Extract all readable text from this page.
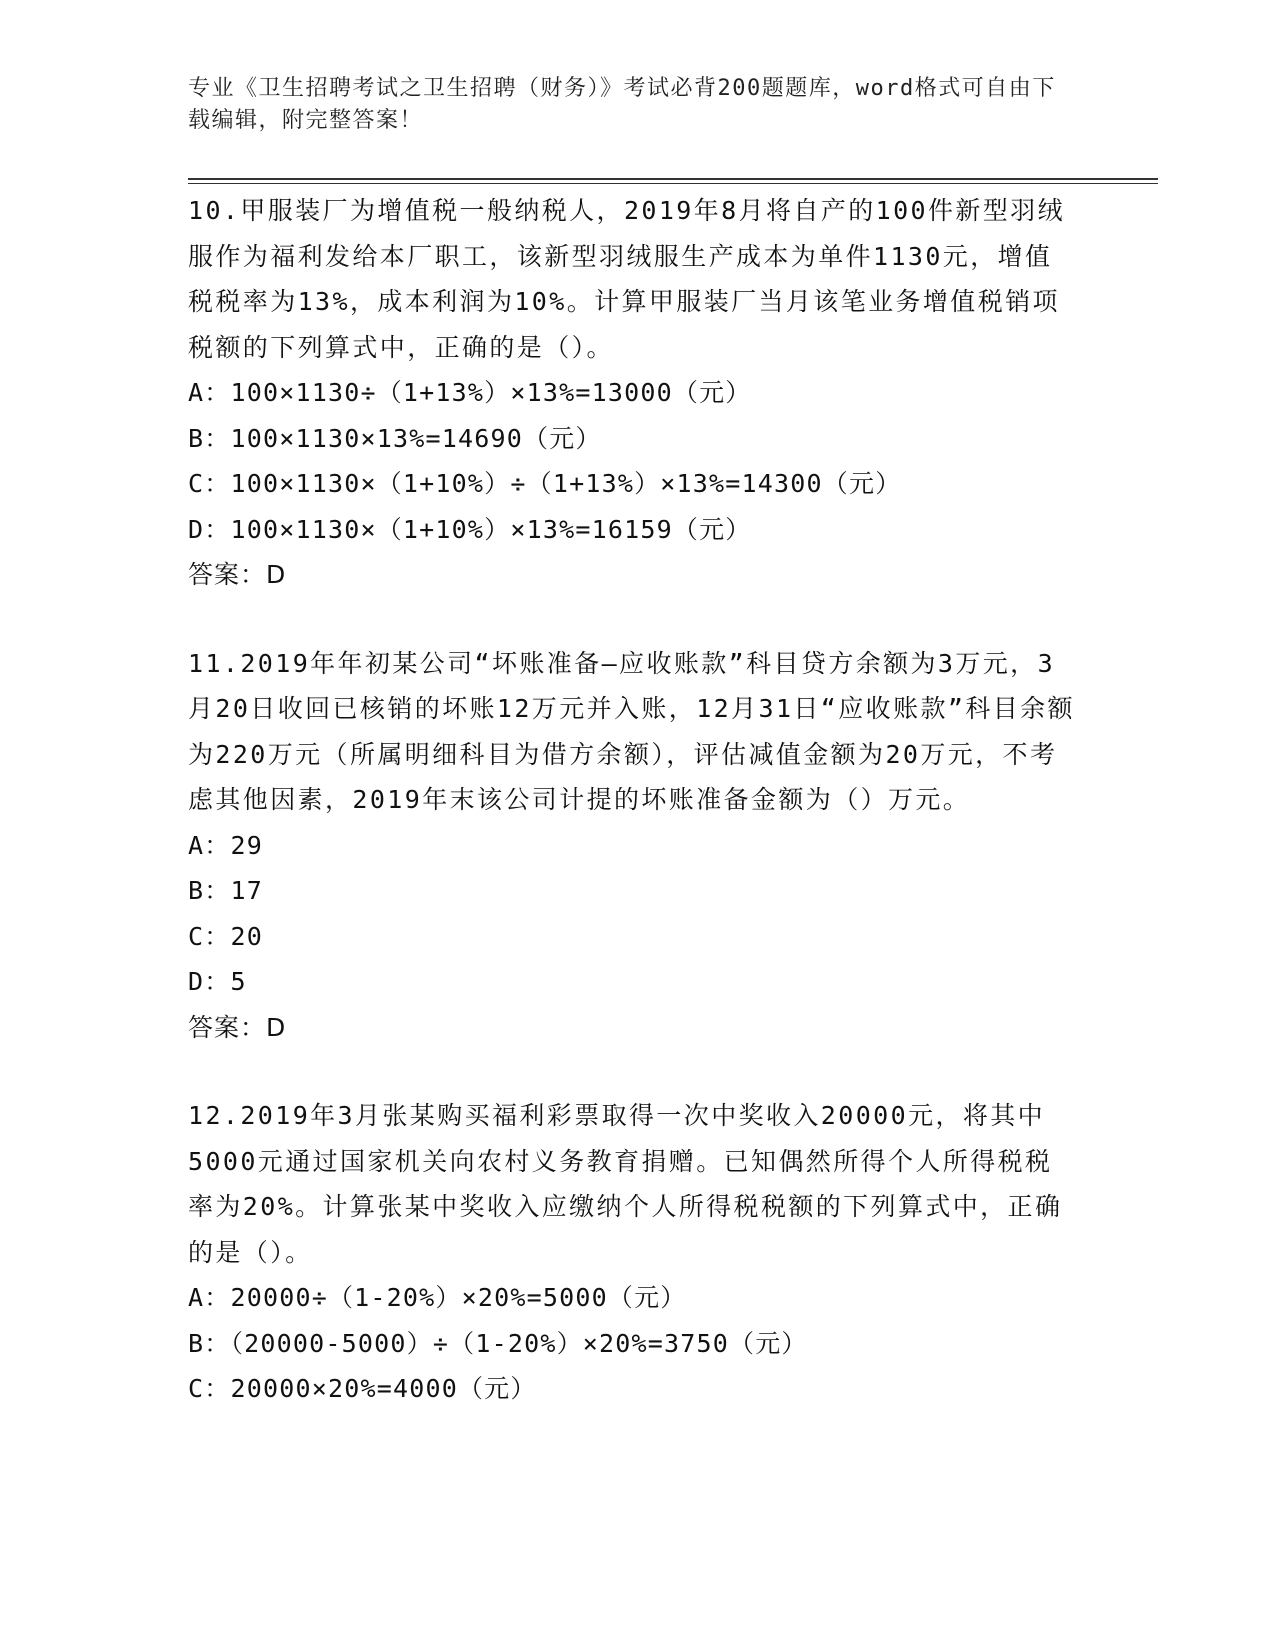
专业《卫生招聘考试之卫生招聘（财务）》考试必背200题题库，word格式可自由下载编辑，附完整答案！

10.甲服装厂为增值税一般纳税人，2019年8月将自产的100件新型羽绒服作为福利发给本厂职工，该新型羽绒服生产成本为单件1130元，增值税税率为13%，成本利润为10%。计算甲服装厂当月该笔业务增值税销项税额的下列算式中，正确的是（）。

A：100×1130÷（1+13%）×13%=13000（元）

B：100×1130×13%=14690（元）

C：100×1130×（1+10%）÷（1+13%）×13%=14300（元）

D：100×1130×（1+10%）×13%=16159（元）

答案：D

11.2019年年初某公司“坏账准备—应收账款”科目贷方余额为3万元，3月20日收回已核销的坏账12万元并入账，12月31日“应收账款”科目余额为220万元（所属明细科目为借方余额），评估减值金额为20万元，不考虑其他因素，2019年末该公司计提的坏账准备金额为（）万元。

A：29

B：17

C：20

D：5

答案：D

12.2019年3月张某购买福利彩票取得一次中奖收入20000元，将其中5000元通过国家机关向农村义务教育捐赠。已知偶然所得个人所得税税率为20%。计算张某中奖收入应缴纳个人所得税税额的下列算式中，正确的是（）。

A：20000÷（1-20%）×20%=5000（元）

B：（20000-5000）÷（1-20%）×20%=3750（元）

C：20000×20%=4000（元）
